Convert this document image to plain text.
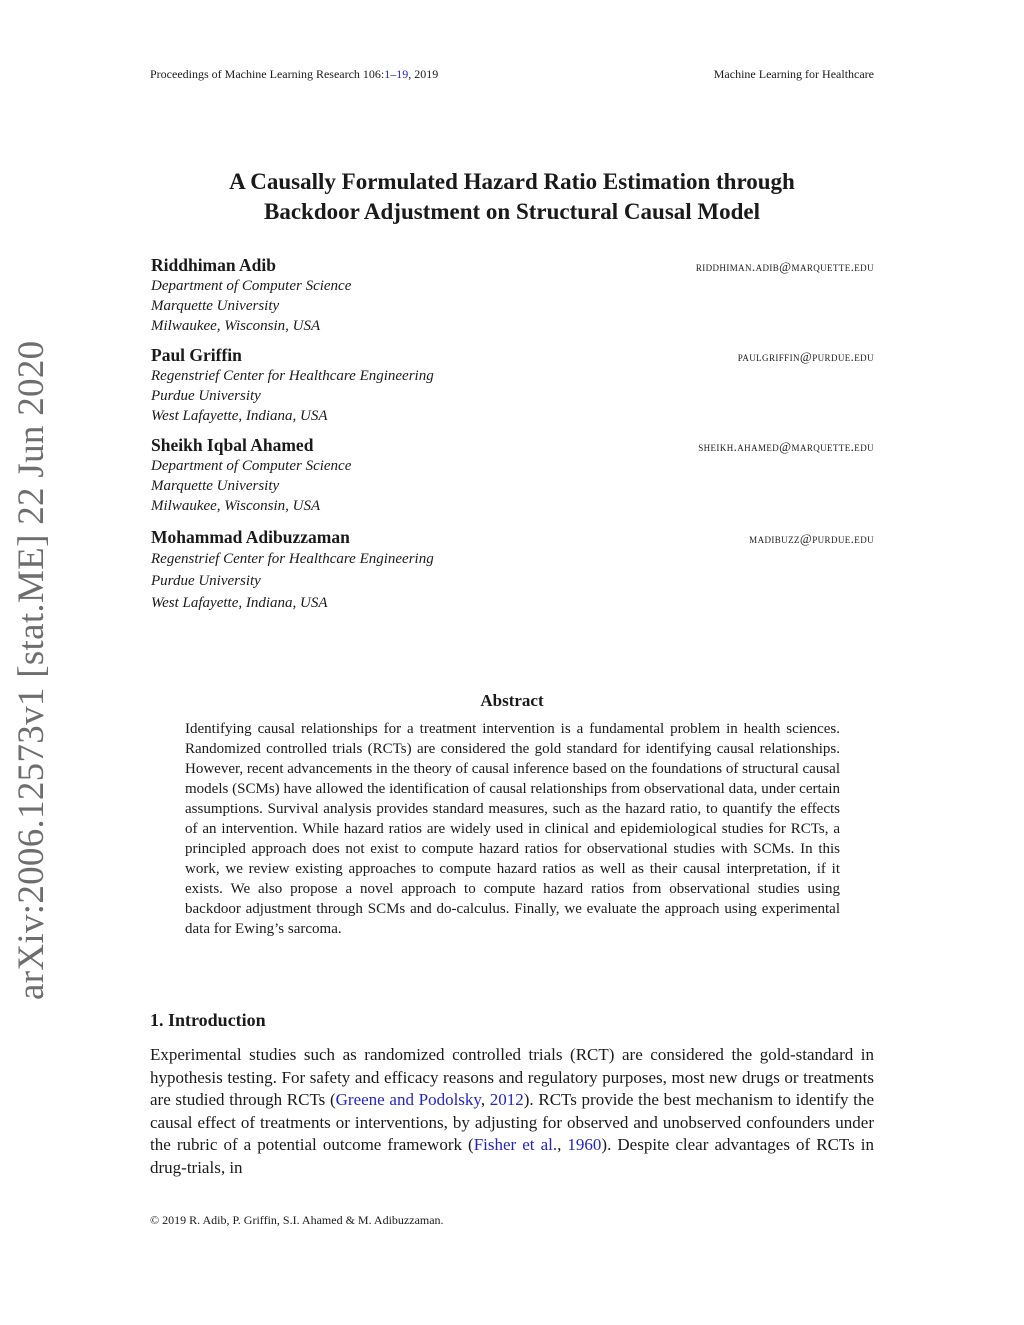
Proceedings of Machine Learning Research 106:1–19, 2019	Machine Learning for Healthcare
arXiv:2006.12573v1 [stat.ME] 22 Jun 2020
A Causally Formulated Hazard Ratio Estimation through
Backdoor Adjustment on Structural Causal Model
Riddhiman Adib	riddhiman.adib@marquette.edu
Department of Computer Science
Marquette University
Milwaukee, Wisconsin, USA
Paul Griffin	paulgriffin@purdue.edu
Regenstrief Center for Healthcare Engineering
Purdue University
West Lafayette, Indiana, USA
Sheikh Iqbal Ahamed	sheikh.ahamed@marquette.edu
Department of Computer Science
Marquette University
Milwaukee, Wisconsin, USA
Mohammad Adibuzzaman	madibuzz@purdue.edu
Regenstrief Center for Healthcare Engineering
Purdue University
West Lafayette, Indiana, USA
Abstract

Identifying causal relationships for a treatment intervention is a fundamental problem in health sciences. Randomized controlled trials (RCTs) are considered the gold standard for identifying causal relationships. However, recent advancements in the theory of causal inference based on the foundations of structural causal models (SCMs) have allowed the identification of causal relationships from observational data, under certain assumptions. Survival analysis provides standard measures, such as the hazard ratio, to quantify the effects of an intervention. While hazard ratios are widely used in clinical and epidemiological studies for RCTs, a principled approach does not exist to compute hazard ratios for observational studies with SCMs. In this work, we review existing approaches to compute hazard ratios as well as their causal interpretation, if it exists. We also propose a novel approach to compute hazard ratios from observational studies using backdoor adjustment through SCMs and do-calculus. Finally, we evaluate the approach using experimental data for Ewing’s sarcoma.

1. Introduction

Experimental studies such as randomized controlled trials (RCT) are considered the gold-standard in hypothesis testing. For safety and efficacy reasons and regulatory purposes, most new drugs or treatments are studied through RCTs (Greene and Podolsky, 2012). RCTs provide the best mechanism to identify the causal effect of treatments or interventions, by adjusting for observed and unobserved confounders under the rubric of a potential outcome framework (Fisher et al., 1960). Despite clear advantages of RCTs in drug-trials, in

© 2019 R. Adib, P. Griffin, S.I. Ahamed & M. Adibuzzaman.
